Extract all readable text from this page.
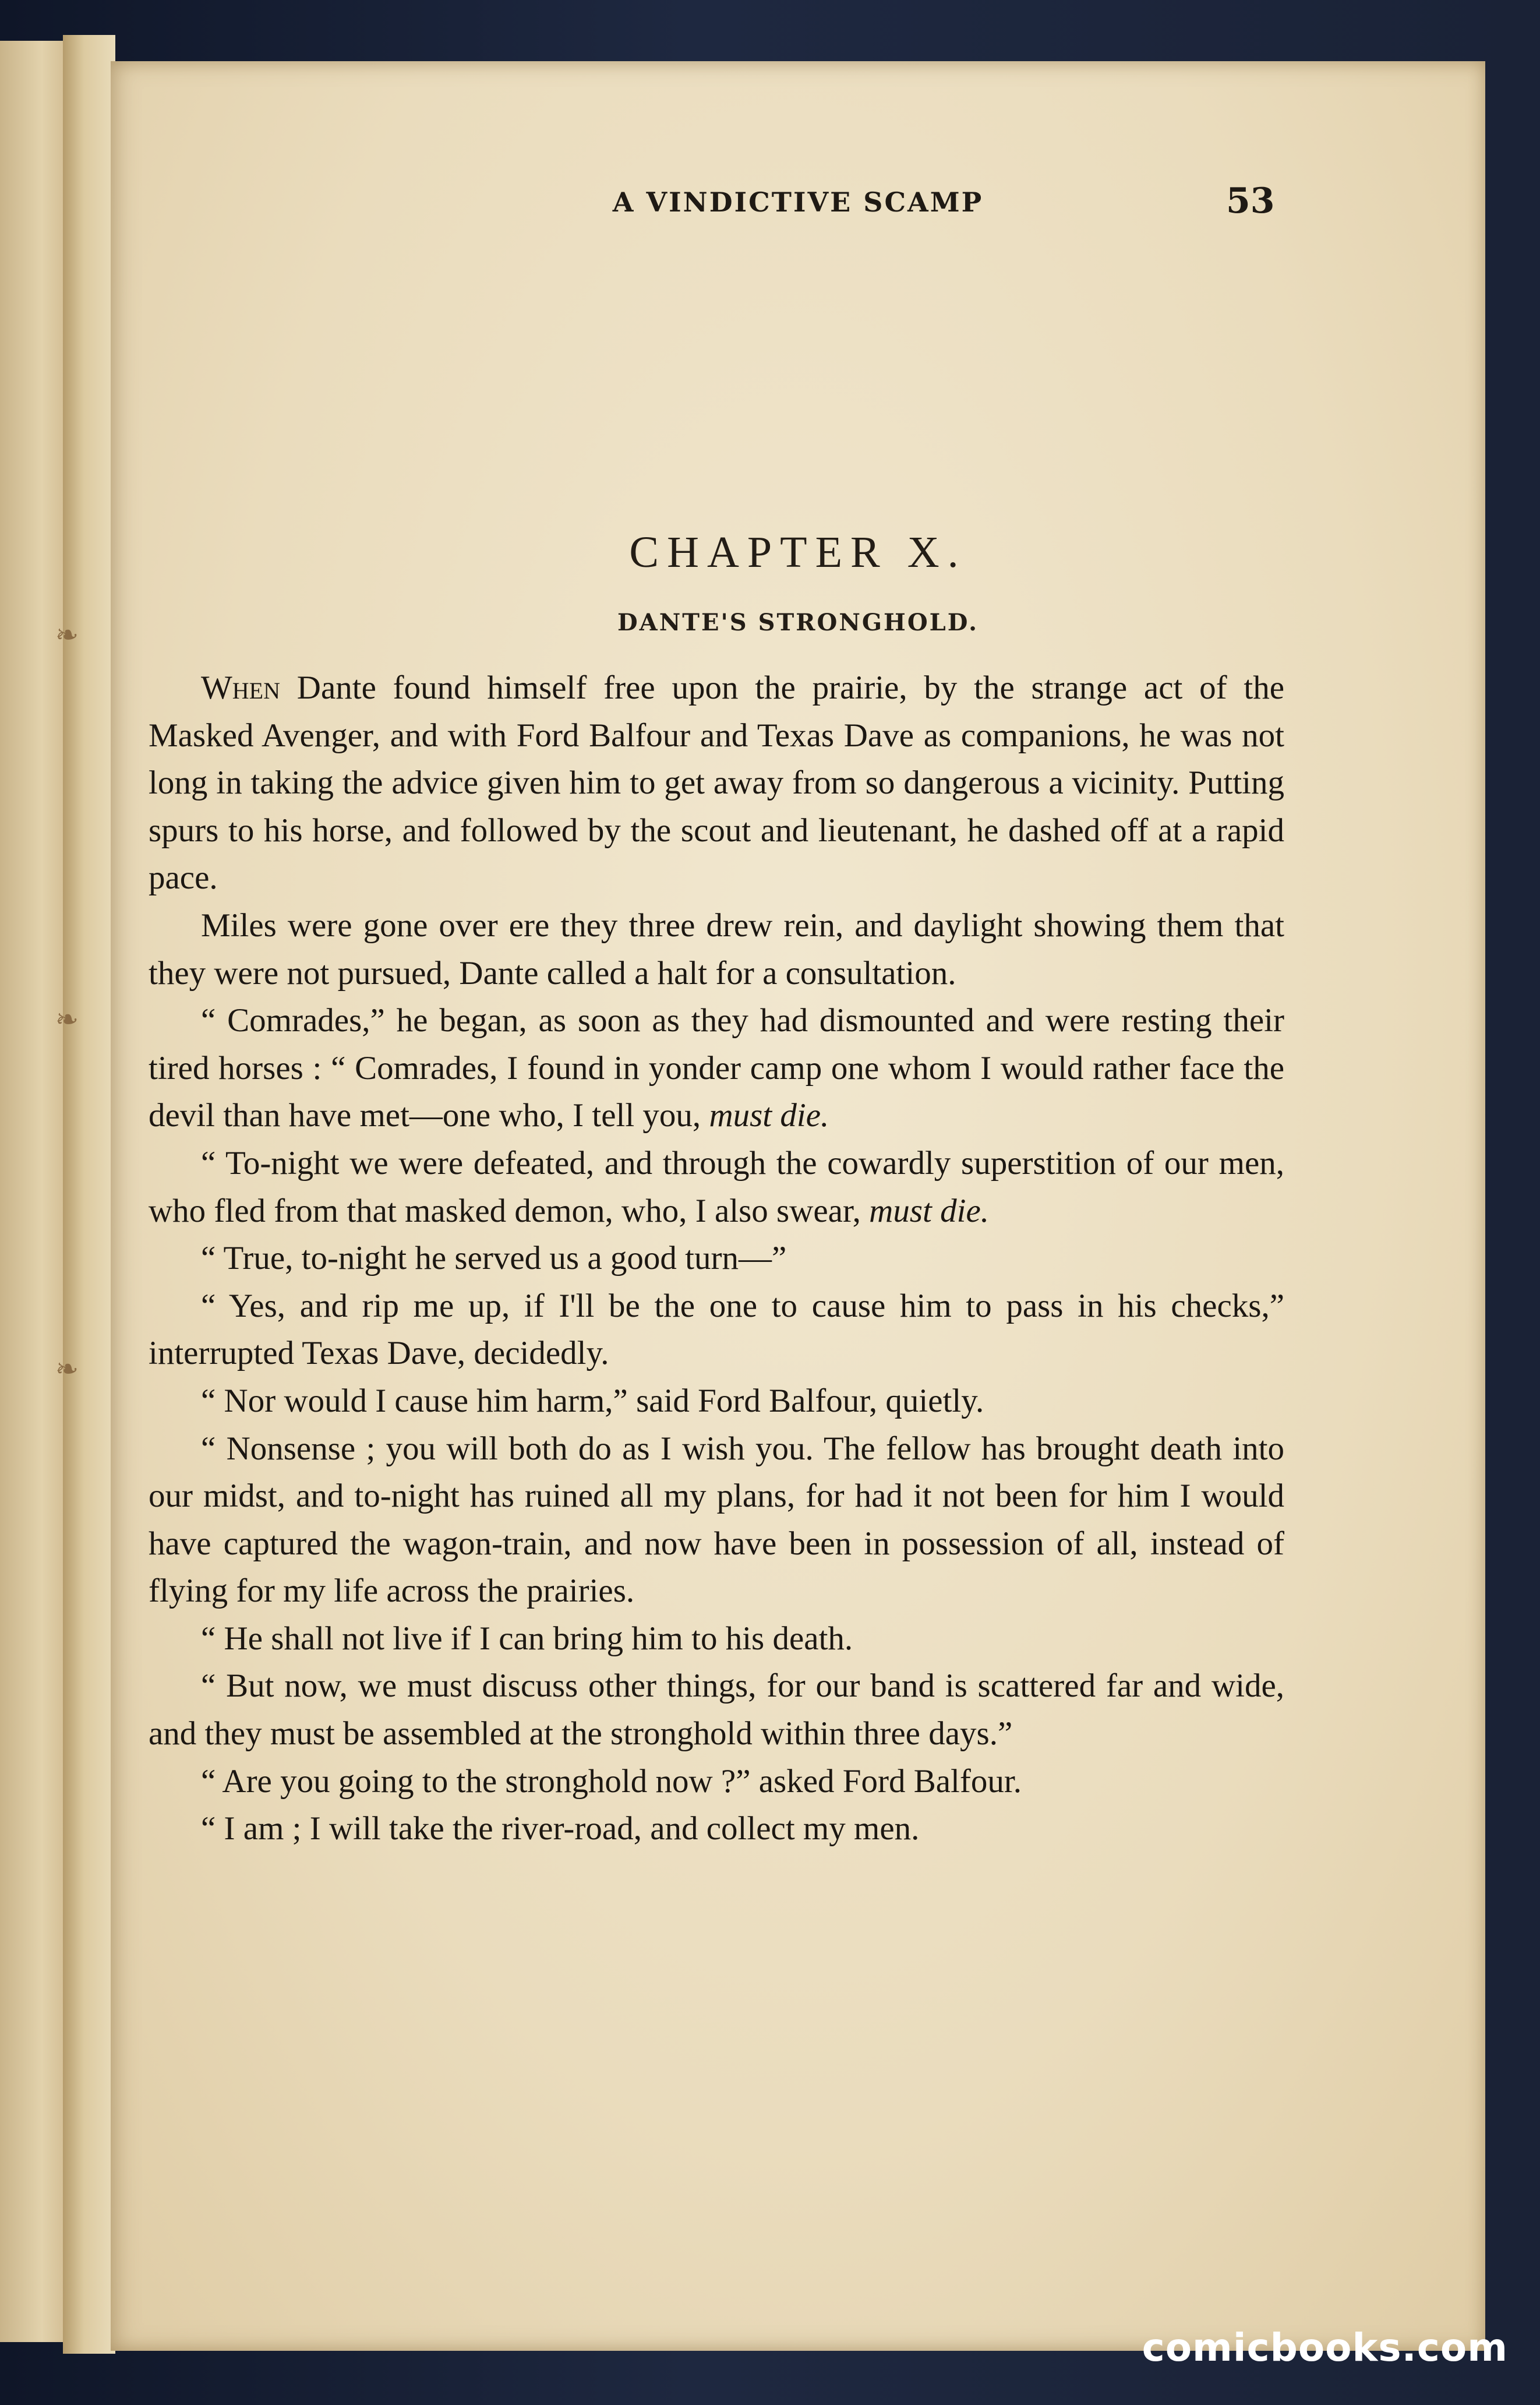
❧
❧
❧
A VINDICTIVE SCAMP	53
CHAPTER X.
DANTE'S STRONGHOLD.

When Dante found himself free upon the prairie, by the strange act of the Masked Avenger, and with Ford Balfour and Texas Dave as companions, he was not long in taking the advice given him to get away from so dangerous a vicinity. Putting spurs to his horse, and followed by the scout and lieutenant, he dashed off at a rapid pace.

Miles were gone over ere they three drew rein, and daylight showing them that they were not pursued, Dante called a halt for a consultation.

“ Comrades,” he began, as soon as they had dismounted and were resting their tired horses : “ Comrades, I found in yonder camp one whom I would rather face the devil than have met—one who, I tell you, must die.

“ To-night we were defeated, and through the cowardly superstition of our men, who fled from that masked demon, who, I also swear, must die.

“ True, to-night he served us a good turn—”

“ Yes, and rip me up, if I'll be the one to cause him to pass in his checks,” interrupted Texas Dave, decidedly.

“ Nor would I cause him harm,” said Ford Balfour, quietly.

“ Nonsense ; you will both do as I wish you. The fellow has brought death into our midst, and to-night has ruined all my plans, for had it not been for him I would have captured the wagon-train, and now have been in possession of all, instead of flying for my life across the prairies.

“ He shall not live if I can bring him to his death.

“ But now, we must discuss other things, for our band is scattered far and wide, and they must be assembled at the stronghold within three days.”

“ Are you going to the stronghold now ?” asked Ford Balfour.

“ I am ; I will take the river-road, and collect my men.

comicbooks.com
